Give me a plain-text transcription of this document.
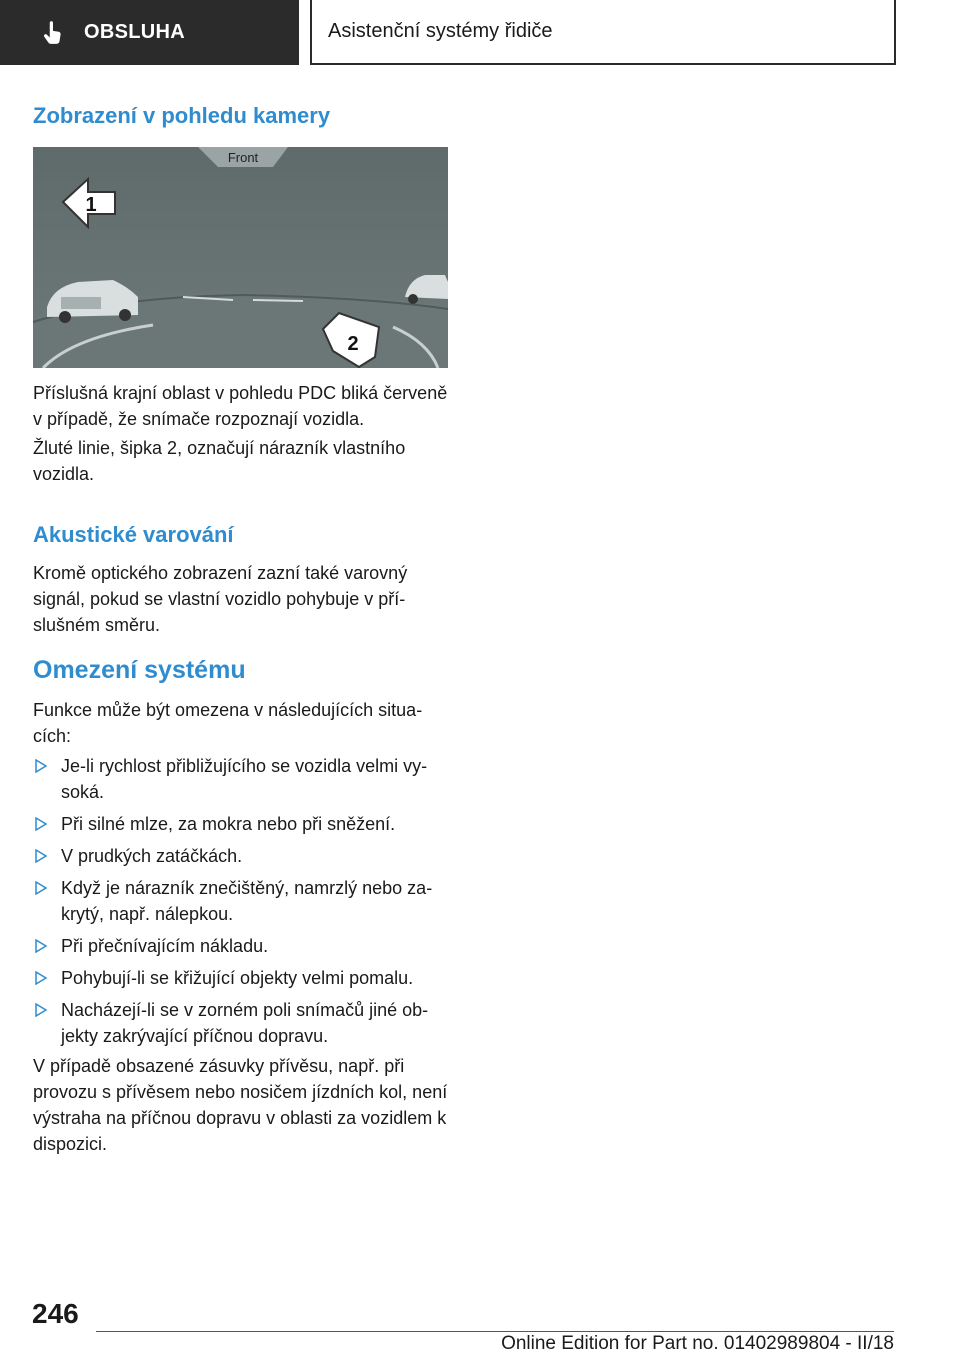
OBSLUHA	Asistenční systémy řidiče
Zobrazení v pohledu kamery
Front
1
2

Příslušná krajní oblast v pohledu PDC bliká červeně v případě, že snímače rozpoznají vozidla.

Žluté linie, šipka 2, označují nárazník vlastního vozidla.

Akustické varování

Kromě optického zobrazení zazní také varovný signál, pokud se vlastní vozidlo pohybuje v příslušném směru.

Omezení systému

Funkce může být omezena v následujících situacích:

Je-li rychlost přibližujícího se vozidla velmi vysoká.
Při silné mlze, za mokra nebo při sněžení.
V prudkých zatáčkách.
Když je nárazník znečištěný, namrzlý nebo zakrytý, např. nálepkou.
Při přečnívajícím nákladu.
Pohybují-li se křižující objekty velmi pomalu.
Nacházejí-li se v zorném poli snímačů jiné objekty zakrývající příčnou dopravu.

V případě obsazené zásuvky přívěsu, např. při provozu s přívěsem nebo nosičem jízdních kol, není výstraha na příčnou dopravu v oblasti za vozidlem k dispozici.

246

Online Edition for Part no. 01402989804 - II/18
